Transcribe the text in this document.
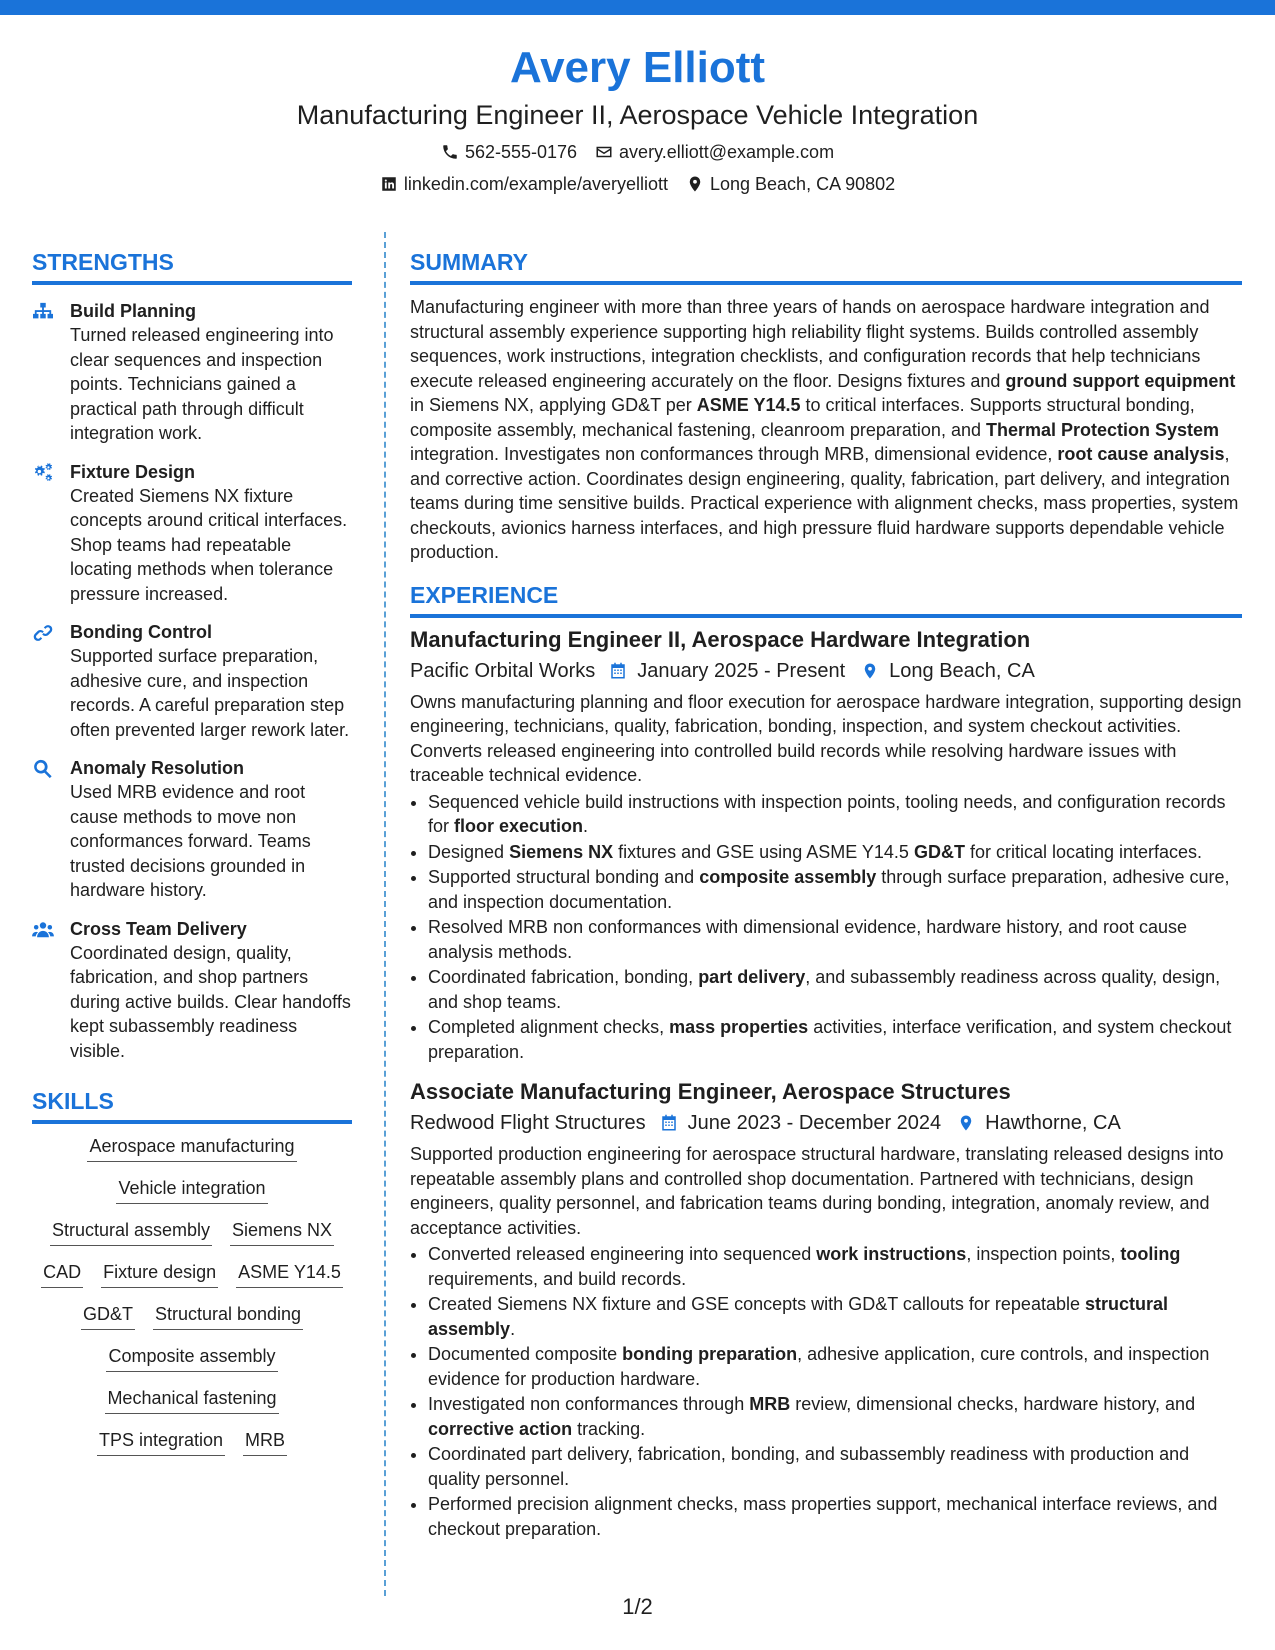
Avery Elliott
Manufacturing Engineer II, Aerospace Vehicle Integration
562-555-0176 avery.elliott@example.com
linkedin.com/example/averyelliott Long Beach, CA 90802
STRENGTHS
Build Planning
Turned released engineering into clear sequences and inspection points. Technicians gained a practical path through difficult integration work.
Fixture Design
Created Siemens NX fixture concepts around critical interfaces. Shop teams had repeatable locating methods when tolerance pressure increased.
Bonding Control
Supported surface preparation, adhesive cure, and inspection records. A careful preparation step often prevented larger rework later.
Anomaly Resolution
Used MRB evidence and root cause methods to move non conformances forward. Teams trusted decisions grounded in hardware history.
Cross Team Delivery
Coordinated design, quality, fabrication, and shop partners during active builds. Clear handoffs kept subassembly readiness visible.
SKILLS
Aerospace manufacturing
Vehicle integration
Structural assembly Siemens NX
CAD Fixture design ASME Y14.5
GD&T Structural bonding
Composite assembly
Mechanical fastening
TPS integration MRB
SUMMARY
Manufacturing engineer with more than three years of hands on aerospace hardware integration and structural assembly experience supporting high reliability flight systems. Builds controlled assembly sequences, work instructions, integration checklists, and configuration records that help technicians execute released engineering accurately on the floor. Designs fixtures and ground support equipment in Siemens NX, applying GD&T per ASME Y14.5 to critical interfaces. Supports structural bonding, composite assembly, mechanical fastening, cleanroom preparation, and Thermal Protection System integration. Investigates non conformances through MRB, dimensional evidence, root cause analysis, and corrective action. Coordinates design engineering, quality, fabrication, part delivery, and integration teams during time sensitive builds. Practical experience with alignment checks, mass properties, system checkouts, avionics harness interfaces, and high pressure fluid hardware supports dependable vehicle production.
EXPERIENCE
Manufacturing Engineer II, Aerospace Hardware Integration
Pacific Orbital Works January 2025 - Present Long Beach, CA
Owns manufacturing planning and floor execution for aerospace hardware integration, supporting design engineering, technicians, quality, fabrication, bonding, inspection, and system checkout activities. Converts released engineering into controlled build records while resolving hardware issues with traceable technical evidence.
• Sequenced vehicle build instructions with inspection points, tooling needs, and configuration records for floor execution.
• Designed Siemens NX fixtures and GSE using ASME Y14.5 GD&T for critical locating interfaces.
• Supported structural bonding and composite assembly through surface preparation, adhesive cure, and inspection documentation.
• Resolved MRB non conformances with dimensional evidence, hardware history, and root cause analysis methods.
• Coordinated fabrication, bonding, part delivery, and subassembly readiness across quality, design, and shop teams.
• Completed alignment checks, mass properties activities, interface verification, and system checkout preparation.
Associate Manufacturing Engineer, Aerospace Structures
Redwood Flight Structures June 2023 - December 2024 Hawthorne, CA
Supported production engineering for aerospace structural hardware, translating released designs into repeatable assembly plans and controlled shop documentation. Partnered with technicians, design engineers, quality personnel, and fabrication teams during bonding, integration, anomaly review, and acceptance activities.
• Converted released engineering into sequenced work instructions, inspection points, tooling requirements, and build records.
• Created Siemens NX fixture and GSE concepts with GD&T callouts for repeatable structural assembly.
• Documented composite bonding preparation, adhesive application, cure controls, and inspection evidence for production hardware.
• Investigated non conformances through MRB review, dimensional checks, hardware history, and corrective action tracking.
• Coordinated part delivery, fabrication, bonding, and subassembly readiness with production and quality personnel.
• Performed precision alignment checks, mass properties support, mechanical interface reviews, and checkout preparation.
1/2
